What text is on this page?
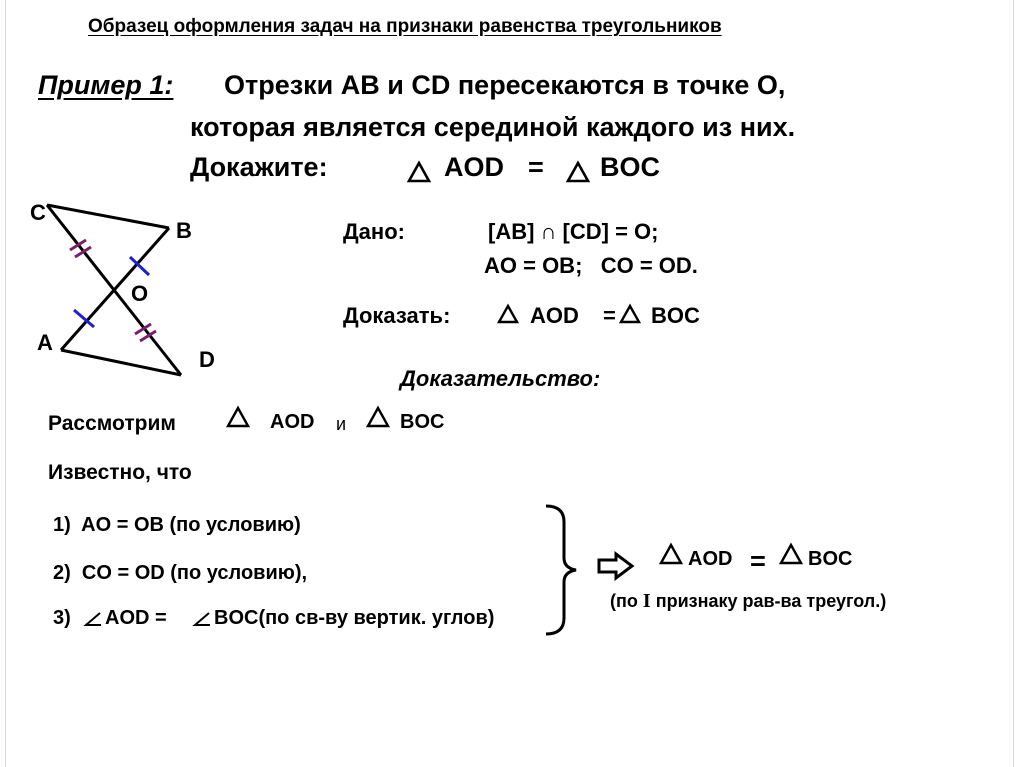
Образец оформления задач на признаки равенства треугольников
Пример 1: Отрезки АВ и CD пересекаются в точке О,
которая является серединой каждого из них.
Докажите:	AOD = BOC
C
B
O
A
D
Дано:	[AB] ∩ [CD] = O;
AO = OB;   CO = OD.
Доказать:	AOD = BOC
Доказательство:
Рассмотрим	AOD и	BOC
Известно, что
1)  AO = OB (по условию)
2)  CO = OD (по условию),
3) AOD = BOC(по св-ву вертик. углов)
AOD = BOC
(по I признаку рав-ва треугол.)
